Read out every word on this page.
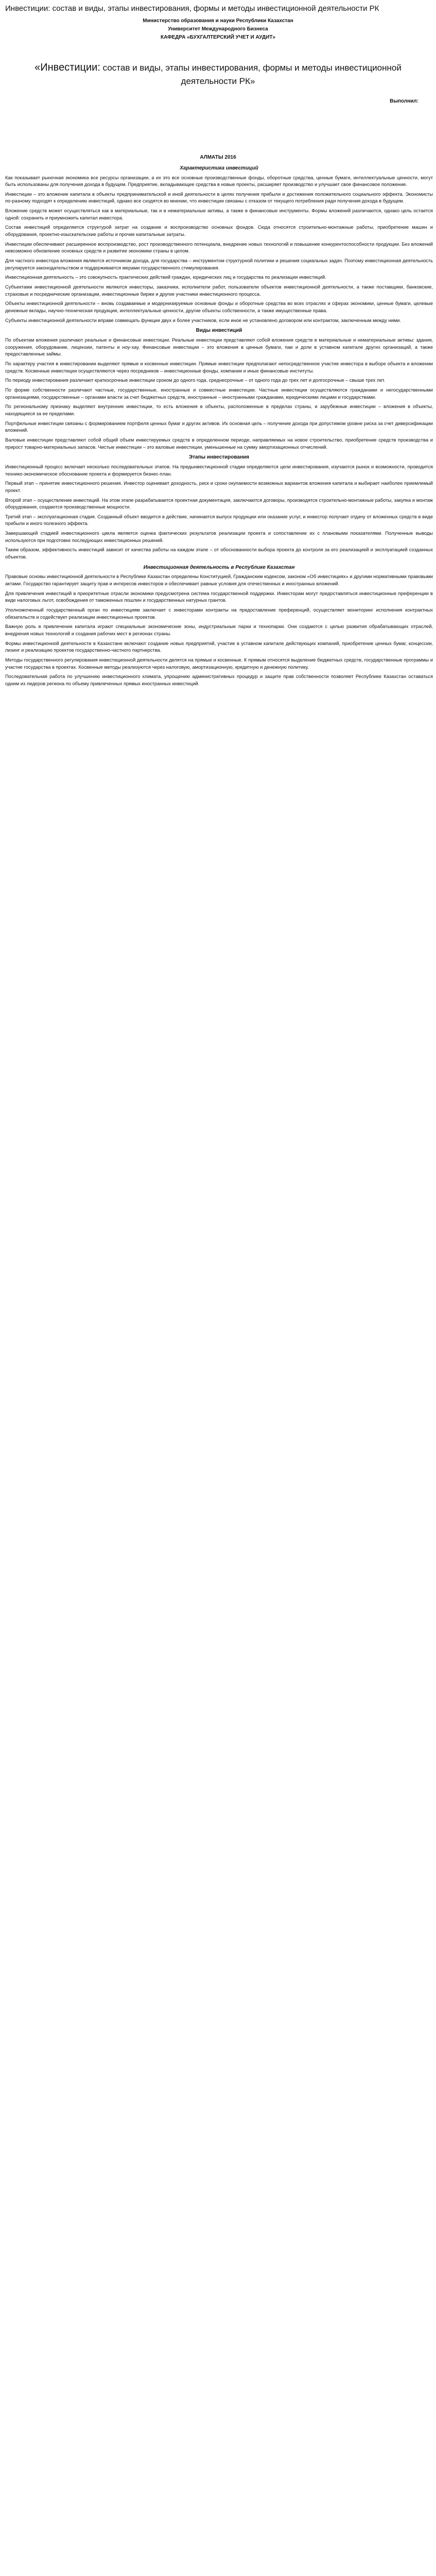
Инвестиции: состав и виды, этапы инвестирования, формы и методы инвестиционной деятельности РК
Министерство образования и науки Республики Казахстан
Университет Международного Бизнеса
КАФЕДРА «БУХГАЛТЕРСКИЙ УЧЕТ И АУДИТ»
«Инвестиции: состав и виды, этапы инвестирования, формы и методы инвестиционной деятельности РК»
Выполнил:
АЛМАТЫ 2016
Характеристика инвестиций

Как показывает рыночная экономика все ресурсы организации, а их это все основные производственные фонды, оборотные средства, ценные бумаги, интеллектуальные ценности, могут быть использованы для получения дохода в будущем. Предприятие, вкладывающее средства в новые проекты, расширяет производство и улучшает свое финансовое положение.

Инвестиции – это вложение капитала в объекты предпринимательской и иной деятельности в целях получения прибыли и достижения положительного социального эффекта. Экономисты по-разному подходят к определению инвестиций, однако все сходятся во мнении, что инвестиции связаны с отказом от текущего потребления ради получения дохода в будущем.

Вложение средств может осуществляться как в материальные, так и в нематериальные активы, а также в финансовые инструменты. Формы вложений различаются, однако цель остается одной: сохранить и приумножить капитал инвестора.

Состав инвестиций определяется структурой затрат на создание и воспроизводство основных фондов. Сюда относятся строительно-монтажные работы, приобретение машин и оборудования, проектно-изыскательские работы и прочие капитальные затраты.

Инвестиции обеспечивают расширенное воспроизводство, рост производственного потенциала, внедрение новых технологий и повышение конкурентоспособности продукции. Без вложений невозможно обновление основных средств и развитие экономики страны в целом.

Для частного инвестора вложения являются источником дохода, для государства – инструментом структурной политики и решения социальных задач. Поэтому инвестиционная деятельность регулируется законодательством и поддерживается мерами государственного стимулирования.

Инвестиционная деятельность – это совокупность практических действий граждан, юридических лиц и государства по реализации инвестиций.

Субъектами инвестиционной деятельности являются инвесторы, заказчики, исполнители работ, пользователи объектов инвестиционной деятельности, а также поставщики, банковские, страховые и посреднические организации, инвестиционные биржи и другие участники инвестиционного процесса.

Объекты инвестиционной деятельности – вновь создаваемые и модернизируемые основные фонды и оборотные средства во всех отраслях и сферах экономики, ценные бумаги, целевые денежные вклады, научно-техническая продукция, интеллектуальные ценности, другие объекты собственности, а также имущественные права.

Субъекты инвестиционной деятельности вправе совмещать функции двух и более участников, если иное не установлено договором или контрактом, заключенным между ними.

Виды инвестиций

По объектам вложения различают реальные и финансовые инвестиции. Реальные инвестиции представляют собой вложения средств в материальные и нематериальные активы: здания, сооружения, оборудование, лицензии, патенты и ноу-хау. Финансовые инвестиции – это вложения в ценные бумаги, паи и доли в уставном капитале других организаций, а также предоставленные займы.

По характеру участия в инвестировании выделяют прямые и косвенные инвестиции. Прямые инвестиции предполагают непосредственное участие инвестора в выборе объекта и вложении средств. Косвенные инвестиции осуществляются через посредников – инвестиционные фонды, компании и иные финансовые институты.

По периоду инвестирования различают краткосрочные инвестиции сроком до одного года, среднесрочные – от одного года до трех лет и долгосрочные – свыше трех лет.

По форме собственности различают частные, государственные, иностранные и совместные инвестиции. Частные инвестиции осуществляются гражданами и негосударственными организациями, государственные – органами власти за счет бюджетных средств, иностранные – иностранными гражданами, юридическими лицами и государствами.

По региональному признаку выделяют внутренние инвестиции, то есть вложения в объекты, расположенные в пределах страны, и зарубежные инвестиции – вложения в объекты, находящиеся за ее пределами.

Портфельные инвестиции связаны с формированием портфеля ценных бумаг и других активов. Их основная цель – получение дохода при допустимом уровне риска за счет диверсификации вложений.

Валовые инвестиции представляют собой общий объем инвестируемых средств в определенном периоде, направляемых на новое строительство, приобретение средств производства и прирост товарно-материальных запасов. Чистые инвестиции – это валовые инвестиции, уменьшенные на сумму амортизационных отчислений.

Этапы инвестирования

Инвестиционный процесс включает несколько последовательных этапов. На предынвестиционной стадии определяются цели инвестирования, изучаются рынок и возможности, проводится технико-экономическое обоснование проекта и формируется бизнес-план.

Первый этап – принятие инвестиционного решения. Инвестор оценивает доходность, риск и сроки окупаемости возможных вариантов вложения капитала и выбирает наиболее приемлемый проект.

Второй этап – осуществление инвестиций. На этом этапе разрабатывается проектная документация, заключаются договоры, производятся строительно-монтажные работы, закупка и монтаж оборудования, создаются производственные мощности.

Третий этап – эксплуатационная стадия. Созданный объект вводится в действие, начинается выпуск продукции или оказание услуг, и инвестор получает отдачу от вложенных средств в виде прибыли и иного полезного эффекта.

Завершающей стадией инвестиционного цикла является оценка фактических результатов реализации проекта и сопоставление их с плановыми показателями. Полученные выводы используются при подготовке последующих инвестиционных решений.

Таким образом, эффективность инвестиций зависит от качества работы на каждом этапе – от обоснованности выбора проекта до контроля за его реализацией и эксплуатацией созданных объектов.

Инвестиционная деятельность в Республике Казахстан

Правовые основы инвестиционной деятельности в Республике Казахстан определены Конституцией, Гражданским кодексом, законом «Об инвестициях» и другими нормативными правовыми актами. Государство гарантирует защиту прав и интересов инвесторов и обеспечивает равные условия для отечественных и иностранных вложений.

Для привлечения инвестиций в приоритетные отрасли экономики предусмотрена система государственной поддержки. Инвесторам могут предоставляться инвестиционные преференции в виде налоговых льгот, освобождения от таможенных пошлин и государственных натурных грантов.

Уполномоченный государственный орган по инвестициям заключает с инвесторами контракты на предоставление преференций, осуществляет мониторинг исполнения контрактных обязательств и содействует реализации инвестиционных проектов.

Важную роль в привлечении капитала играют специальные экономические зоны, индустриальные парки и технопарки. Они создаются с целью развития обрабатывающих отраслей, внедрения новых технологий и создания рабочих мест в регионах страны.

Формы инвестиционной деятельности в Казахстане включают создание новых предприятий, участие в уставном капитале действующих компаний, приобретение ценных бумаг, концессии, лизинг и реализацию проектов государственно-частного партнерства.

Методы государственного регулирования инвестиционной деятельности делятся на прямые и косвенные. К прямым относятся выделение бюджетных средств, государственные программы и участие государства в проектах. Косвенные методы реализуются через налоговую, амортизационную, кредитную и денежную политику.

Последовательная работа по улучшению инвестиционного климата, упрощению административных процедур и защите прав собственности позволяет Республике Казахстан оставаться одним из лидеров региона по объему привлеченных прямых иностранных инвестиций.
